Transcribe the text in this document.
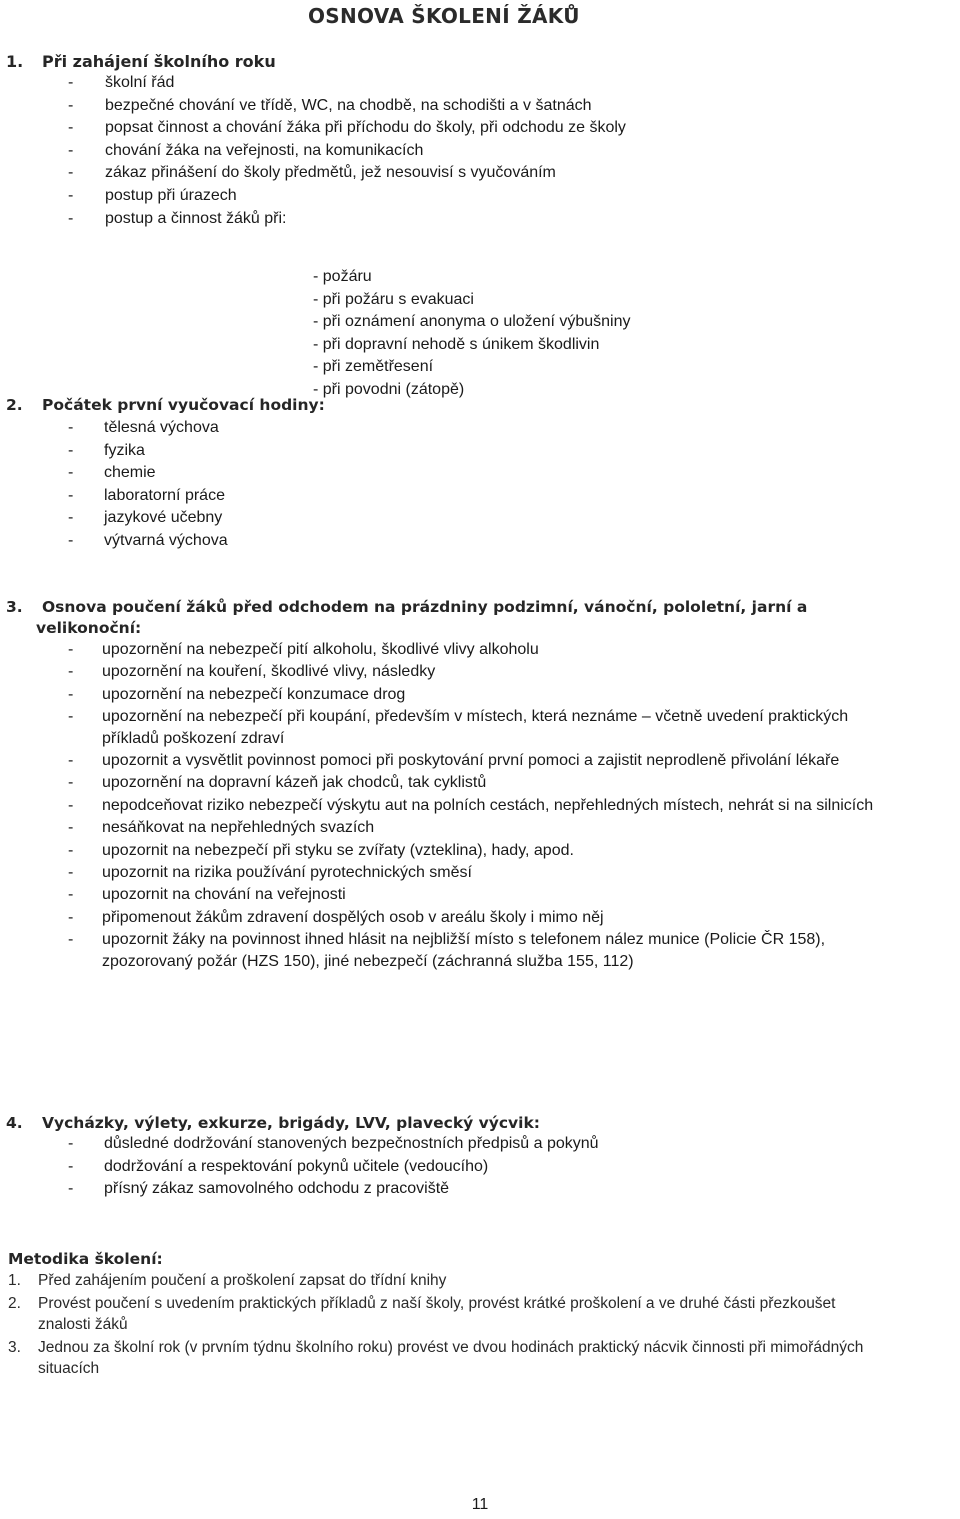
OSNOVA ŠKOLENÍ ŽÁKŮ
1.	Při zahájení školního roku
-	školní řád
-	bezpečné chování ve třídě, WC, na chodbě, na schodišti a v šatnách
-	popsat činnost a chování žáka při příchodu do školy, při odchodu ze školy
-	chování žáka na veřejnosti, na komunikacích
-	zákaz přinášení do školy předmětů, jež nesouvisí s vyučováním
-	postup při úrazech
-	postup a činnost žáků při:
- požáru
- při požáru s evakuaci
- při oznámení anonyma o uložení výbušniny
- při dopravní nehodě s únikem škodlivin
- při zemětřesení
- při povodni (zátopě)
2.	Počátek první vyučovací hodiny:
-	tělesná výchova
-	fyzika
-	chemie
-	laboratorní práce
-	jazykové učebny
-	výtvarná výchova
3.	Osnova poučení žáků před odchodem na prázdniny podzimní, vánoční, pololetní, jarní a
velikonoční:
-	upozornění na nebezpečí pití alkoholu, škodlivé vlivy alkoholu
-	upozornění na kouření, škodlivé vlivy, následky
-	upozornění na nebezpečí konzumace drog
-	upozornění na nebezpečí při koupání, především v místech, která neznáme – včetně uvedení praktických příkladů poškození zdraví
-	upozornit a vysvětlit povinnost pomoci při poskytování první pomoci a zajistit neprodleně přivolání lékaře
-	upozornění na dopravní kázeň jak chodců, tak cyklistů
-	nepodceňovat riziko nebezpečí výskytu aut na polních cestách, nepřehledných místech, nehrát si na silnicích
-	nesáňkovat na nepřehledných svazích
-	upozornit na nebezpečí při styku se zvířaty (vzteklina), hady, apod.
-	upozornit na rizika používání pyrotechnických směsí
-	upozornit na chování na veřejnosti
-	připomenout žákům zdravení dospělých osob v areálu školy i mimo něj
-	upozornit žáky na povinnost ihned hlásit na nejbližší místo s telefonem nález munice (Policie ČR 158), zpozorovaný požár (HZS 150), jiné nebezpečí (záchranná služba 155, 112)
4.	Vycházky, výlety, exkurze, brigády, LVV, plavecký výcvik:
-	důsledné dodržování stanovených bezpečnostních předpisů a pokynů
-	dodržování a respektování pokynů učitele (vedoucího)
-	přísný zákaz samovolného odchodu z pracoviště
Metodika školení:
1.	Před zahájením poučení a proškolení zapsat do třídní knihy
2.	Provést poučení s uvedením praktických příkladů z naší školy, provést krátké proškolení a ve druhé části přezkoušet znalosti žáků
3.	Jednou za školní rok (v prvním týdnu školního roku) provést ve dvou hodinách praktický nácvik činnosti při mimořádných situacích
11
